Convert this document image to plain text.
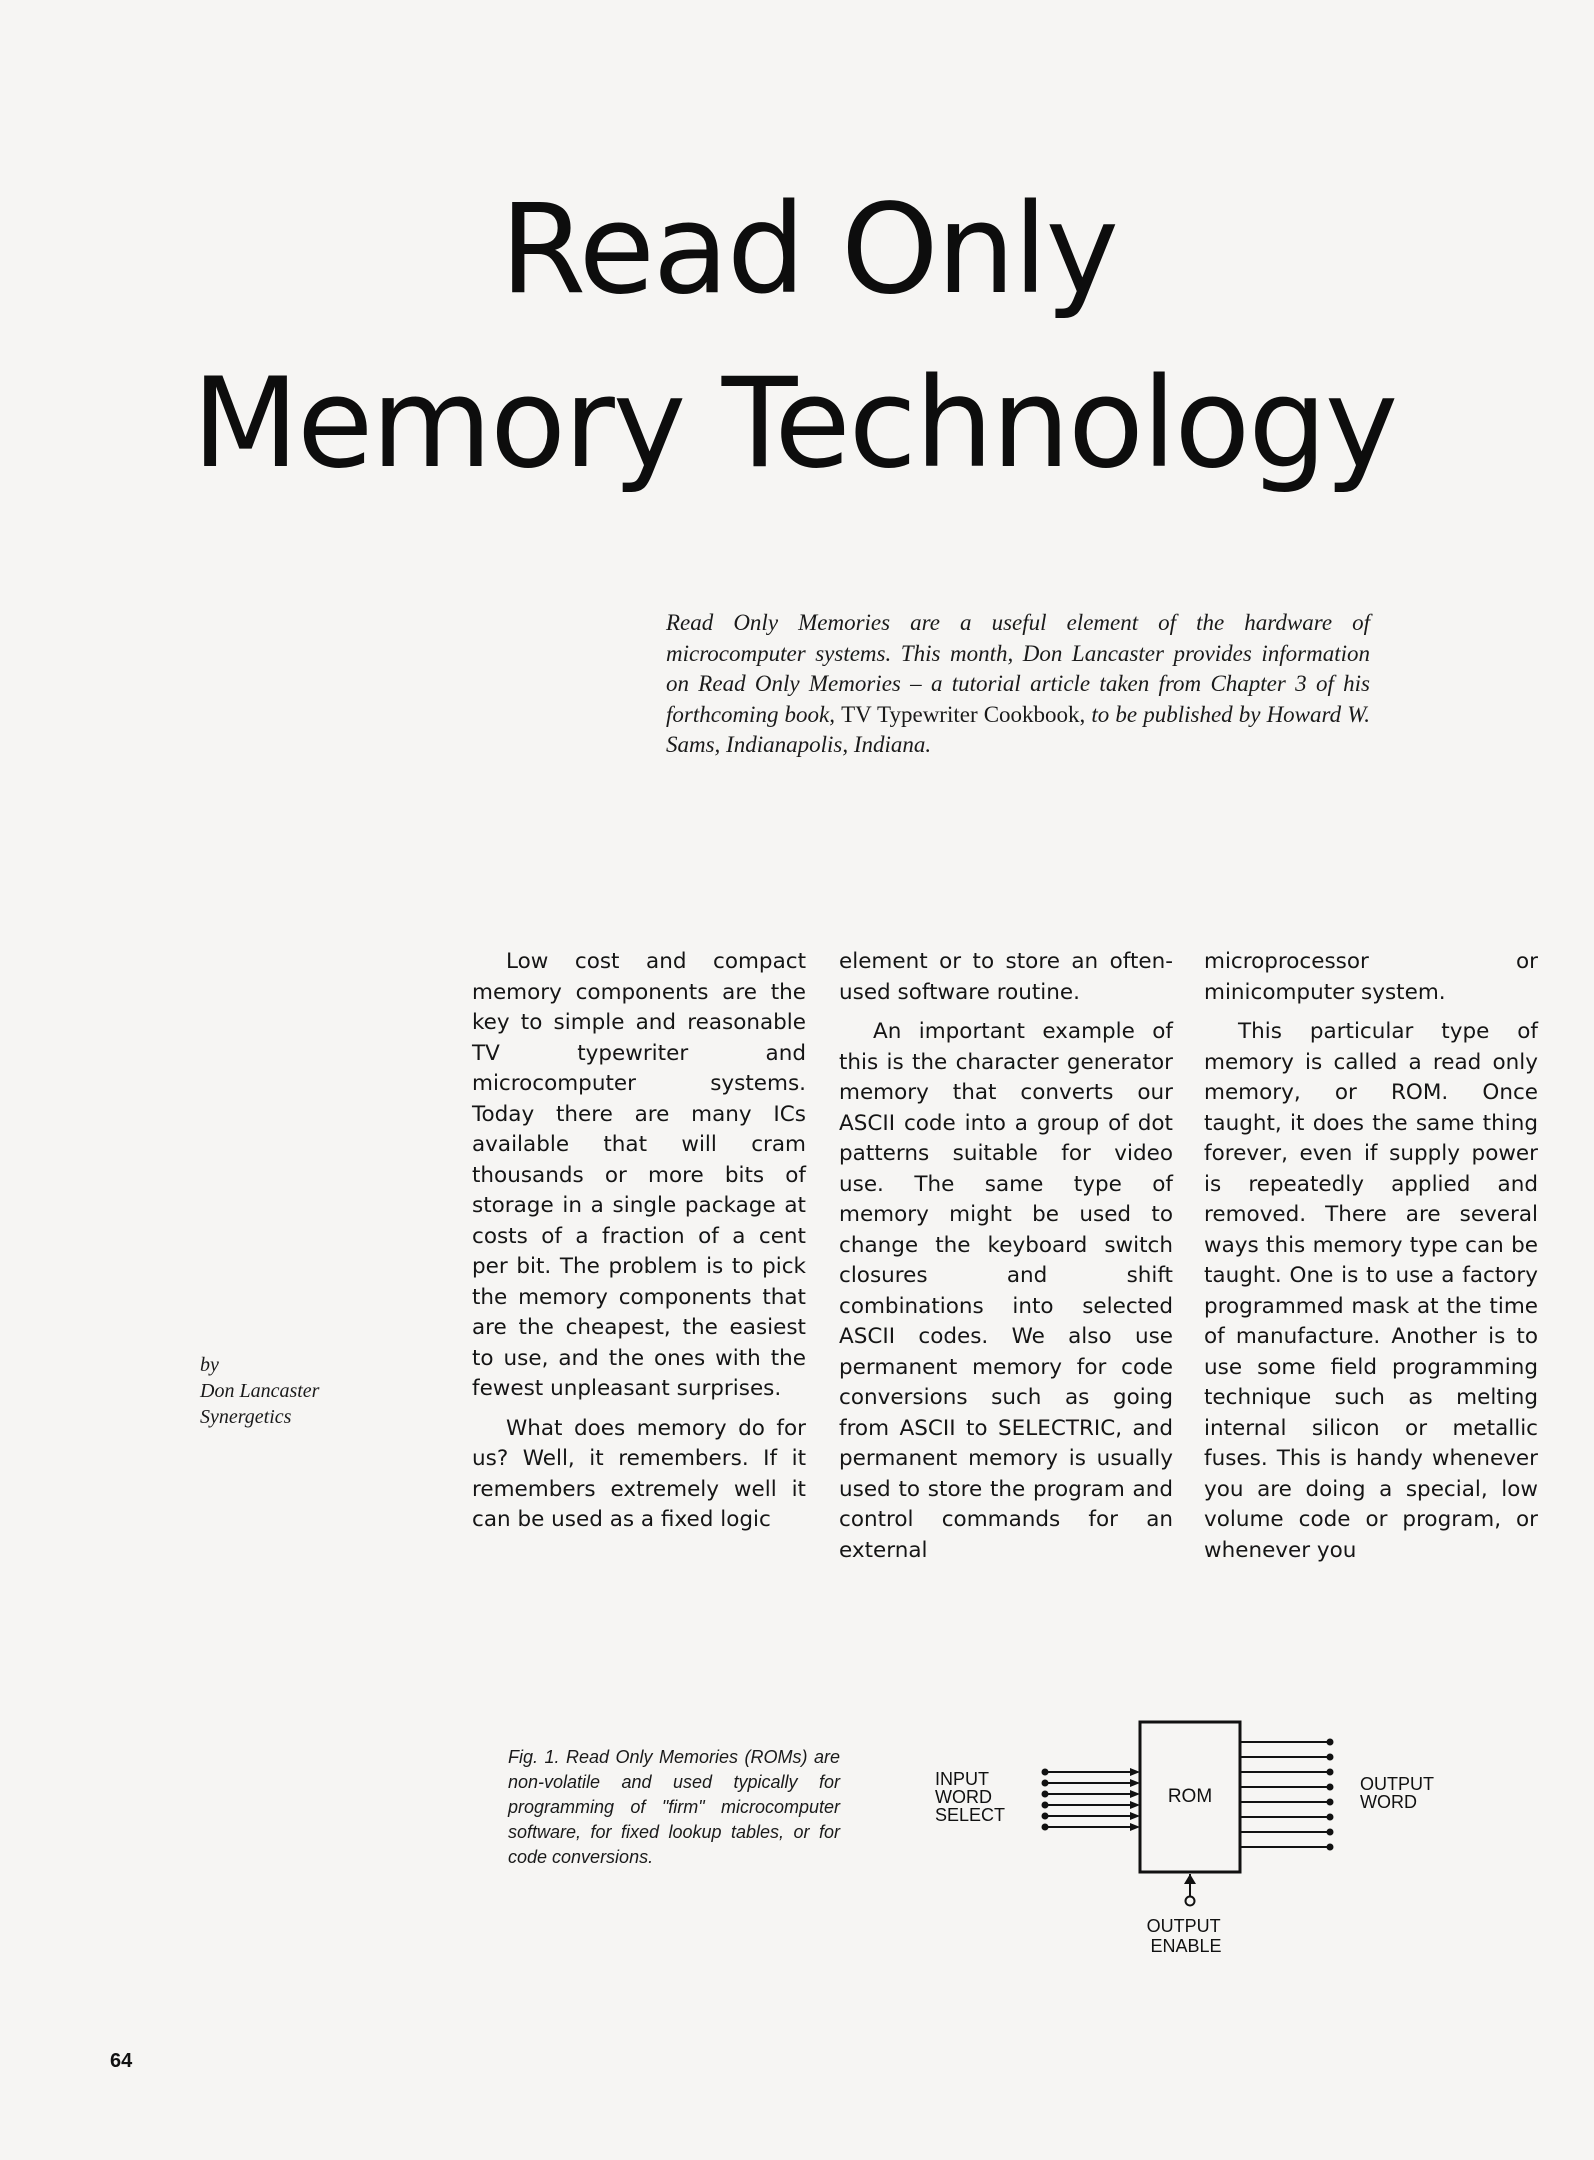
Read Only
Memory Technology

Read Only Memories are a useful element of the hardware of microcomputer systems. This month, Don Lancaster provides information on Read Only Memories – a tutorial article taken from Chapter 3 of his forthcoming book, TV Typewriter Cookbook, to be published by Howard W. Sams, Indianapolis, Indiana.

by
Don Lancaster
Synergetics

Low cost and compact memory components are the key to simple and reasonable TV typewriter and microcomputer systems. Today there are many ICs available that will cram thousands or more bits of storage in a single package at costs of a fraction of a cent per bit. The problem is to pick the memory components that are the cheapest, the easiest to use, and the ones with the fewest unpleasant surprises.

What does memory do for us? Well, it remembers. If it remembers extremely well it can be used as a fixed logic

element or to store an often-used software routine.

An important example of this is the character generator memory that converts our ASCII code into a group of dot patterns suitable for video use. The same type of memory might be used to change the keyboard switch closures and shift combinations into selected ASCII codes. We also use permanent memory for code conversions such as going from ASCII to SELECTRIC, and permanent memory is usually used to store the program and control commands for an external

microprocessor or minicomputer system.

This particular type of memory is called a read only memory, or ROM. Once taught, it does the same thing forever, even if supply power is repeatedly applied and removed. There are several ways this memory type can be taught. One is to use a factory programmed mask at the time of manufacture. Another is to use some field programming technique such as melting internal silicon or metallic fuses. This is handy whenever you are doing a special, low volume code or program, or whenever you

Fig. 1. Read Only Memories (ROMs) are non-volatile and used typically for programming of "firm" microcomputer software, for fixed lookup tables, or for code conversions.

ROM
INPUT WORD SELECT
OUTPUT WORD
OUTPUT ENABLE

64
